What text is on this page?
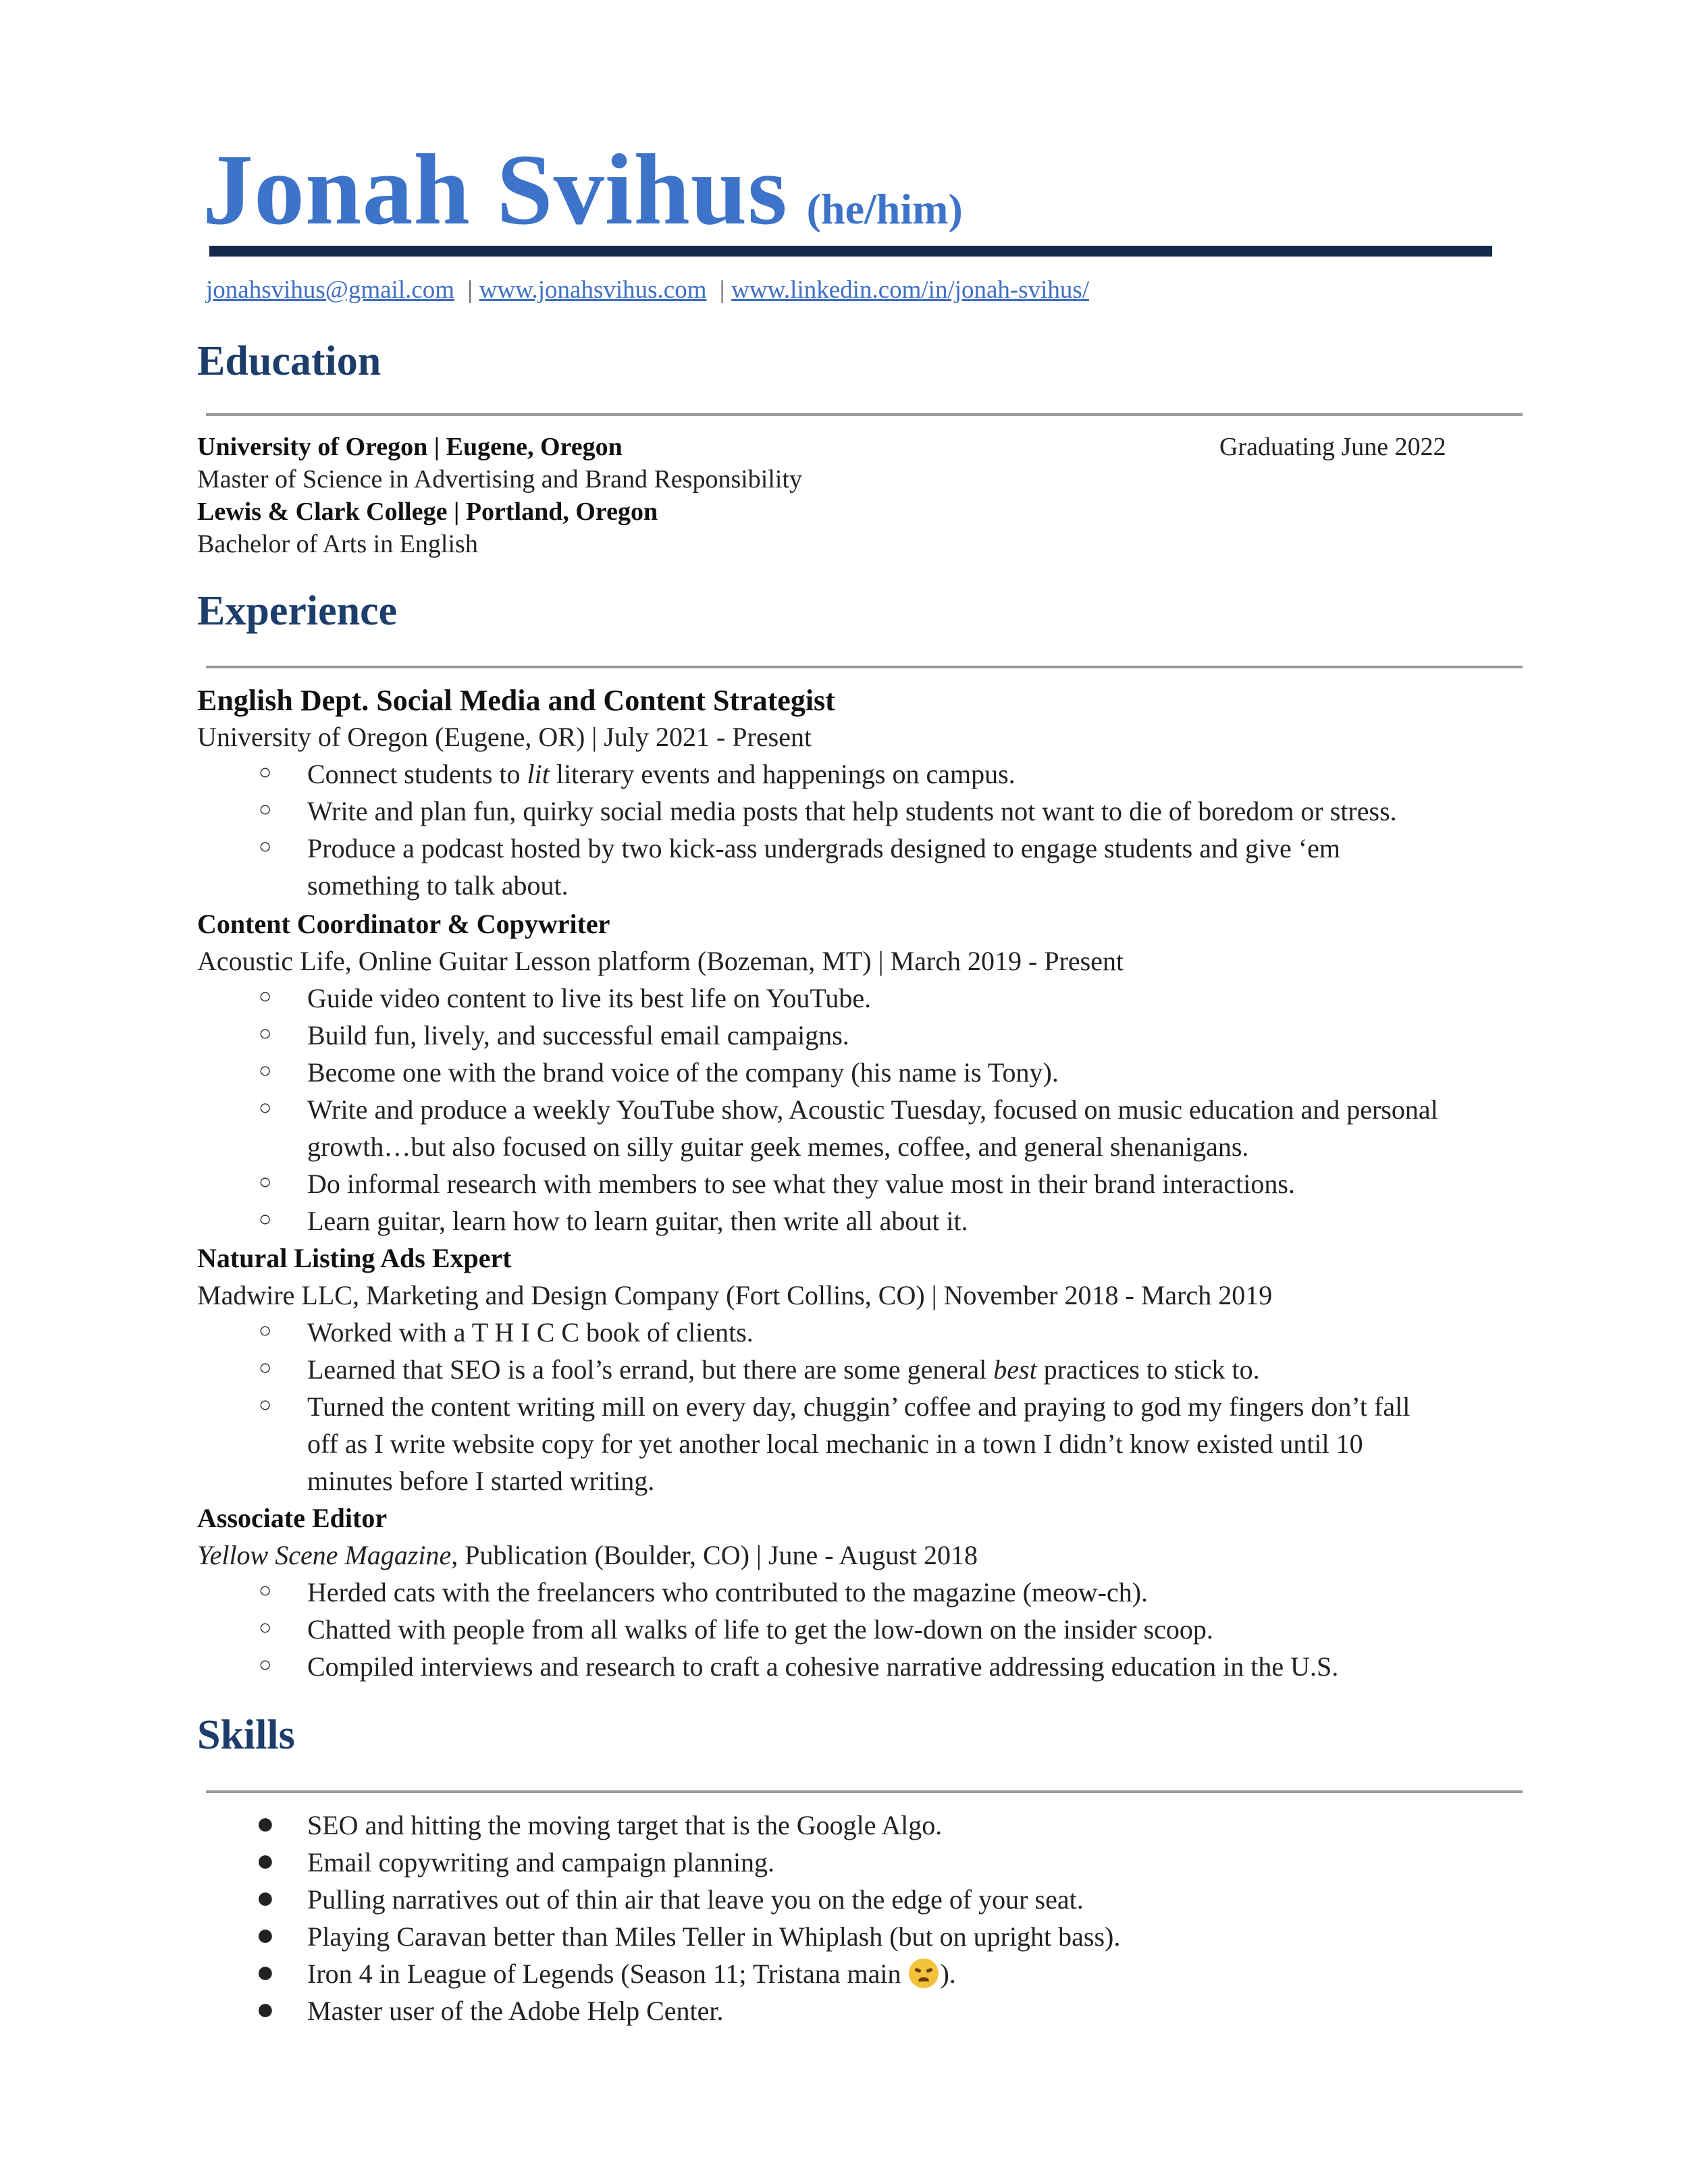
Jonah Svihus (he/him)
jonahsvihus@gmail.com | www.jonahsvihus.com | www.linkedin.com/in/jonah-svihus/
Education
University of Oregon | Eugene, Oregon	Graduating June 2022
Master of Science in Advertising and Brand Responsibility
Lewis & Clark College | Portland, Oregon
Bachelor of Arts in English
Experience
English Dept. Social Media and Content Strategist
University of Oregon (Eugene, OR) | July 2021 - Present
○ Connect students to lit literary events and happenings on campus.
○ Write and plan fun, quirky social media posts that help students not want to die of boredom or stress.
○ Produce a podcast hosted by two kick-ass undergrads designed to engage students and give ‘em
something to talk about.
Content Coordinator & Copywriter
Acoustic Life, Online Guitar Lesson platform (Bozeman, MT) | March 2019 - Present
○ Guide video content to live its best life on YouTube.
○ Build fun, lively, and successful email campaigns.
○ Become one with the brand voice of the company (his name is Tony).
○ Write and produce a weekly YouTube show, Acoustic Tuesday, focused on music education and personal
growth…but also focused on silly guitar geek memes, coffee, and general shenanigans.
○ Do informal research with members to see what they value most in their brand interactions.
○ Learn guitar, learn how to learn guitar, then write all about it.
Natural Listing Ads Expert
Madwire LLC, Marketing and Design Company (Fort Collins, CO) | November 2018 - March 2019
○ Worked with a T H I C C book of clients.
○ Learned that SEO is a fool’s errand, but there are some general best practices to stick to.
○ Turned the content writing mill on every day, chuggin’ coffee and praying to god my fingers don’t fall
off as I write website copy for yet another local mechanic in a town I didn’t know existed until 10
minutes before I started writing.
Associate Editor
Yellow Scene Magazine, Publication (Boulder, CO) | June - August 2018
○ Herded cats with the freelancers who contributed to the magazine (meow-ch).
○ Chatted with people from all walks of life to get the low-down on the insider scoop.
○ Compiled interviews and research to craft a cohesive narrative addressing education in the U.S.
Skills
● SEO and hitting the moving target that is the Google Algo.
● Email copywriting and campaign planning.
● Pulling narratives out of thin air that leave you on the edge of your seat.
● Playing Caravan better than Miles Teller in Whiplash (but on upright bass).
● Iron 4 in League of Legends (Season 11; Tristana main
).
● Master user of the Adobe Help Center.
